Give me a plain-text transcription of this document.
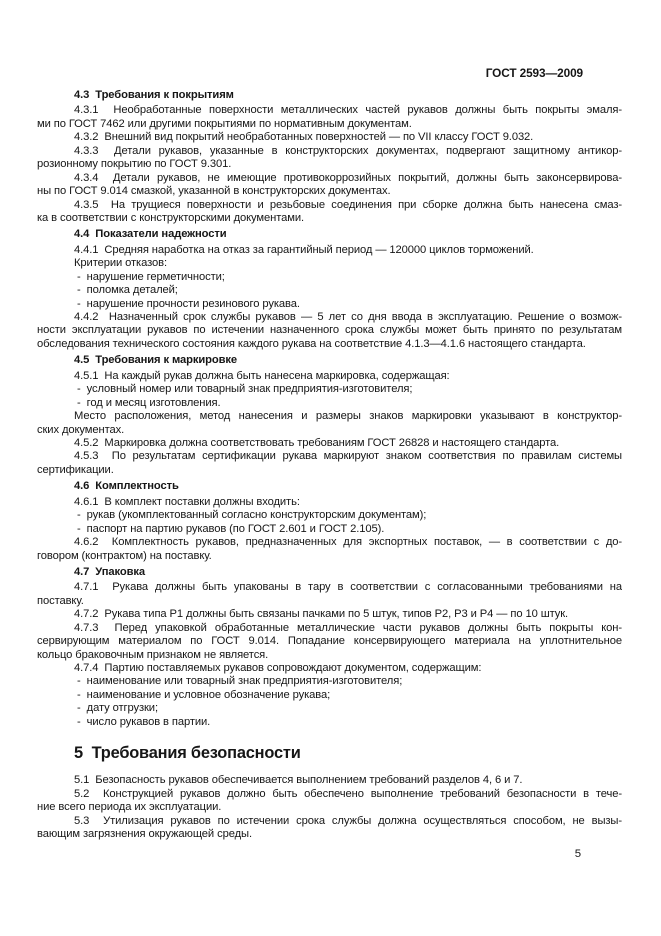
ГОСТ 2593—2009
4.3  Требования к покрытиям
4.3.1  Необработанные поверхности металлических частей рукавов должны быть покрыты эмаля-
ми по ГОСТ 7462 или другими покрытиями по нормативным документам.
4.3.2  Внешний вид покрытий необработанных поверхностей — по VII классу ГОСТ 9.032.
4.3.3  Детали рукавов, указанные в конструкторских документах, подвергают защитному антикор-
розионному покрытию по ГОСТ 9.301.
4.3.4  Детали рукавов, не имеющие противокоррозийных покрытий, должны быть законсервирова-
ны по ГОСТ 9.014 смазкой, указанной в конструкторских документах.
4.3.5  На трущиеся поверхности и резьбовые соединения при сборке должна быть нанесена смаз-
ка в соответствии с конструкторскими документами.
4.4  Показатели надежности
4.4.1  Средняя наработка на отказ за гарантийный период — 120000 циклов торможений.
Критерии отказов:
-  нарушение герметичности;
-  поломка деталей;
-  нарушение прочности резинового рукава.
4.4.2  Назначенный срок службы рукавов — 5 лет со дня ввода в эксплуатацию. Решение о возмож-
ности эксплуатации рукавов по истечении назначенного срока службы может быть принято по результатам
обследования технического состояния каждого рукава на соответствие 4.1.3—4.1.6 настоящего стандарта.
4.5  Требования к маркировке
4.5.1  На каждый рукав должна быть нанесена маркировка, содержащая:
-  условный номер или товарный знак предприятия-изготовителя;
-  год и месяц изготовления.
Место расположения, метод нанесения и размеры знаков маркировки указывают в конструктор-
ских документах.
4.5.2  Маркировка должна соответствовать требованиям ГОСТ 26828 и настоящего стандарта.
4.5.3  По результатам сертификации рукава маркируют знаком соответствия по правилам системы
сертификации.
4.6  Комплектность
4.6.1  В комплект поставки должны входить:
-  рукав (укомплектованный согласно конструкторским документам);
-  паспорт на партию рукавов (по ГОСТ 2.601 и ГОСТ 2.105).
4.6.2  Комплектность рукавов, предназначенных для экспортных поставок, — в соответствии с до-
говором (контрактом) на поставку.
4.7  Упаковка
4.7.1  Рукава должны быть упакованы в тару в соответствии с согласованными требованиями на
поставку.
4.7.2  Рукава типа Р1 должны быть связаны пачками по 5 штук, типов Р2, Р3 и Р4 — по 10 штук.
4.7.3  Перед упаковкой обработанные металлические части рукавов должны быть покрыты кон-
сервирующим материалом по ГОСТ 9.014. Попадание консервирующего материала на уплотнительное
кольцо браковочным признаком не является.
4.7.4  Партию поставляемых рукавов сопровождают документом, содержащим:
-  наименование или товарный знак предприятия-изготовителя;
-  наименование и условное обозначение рукава;
-  дату отгрузки;
-  число рукавов в партии.
5  Требования безопасности
5.1  Безопасность рукавов обеспечивается выполнением требований разделов 4, 6 и 7.
5.2  Конструкцией рукавов должно быть обеспечено выполнение требований безопасности в тече-
ние всего периода их эксплуатации.
5.3  Утилизация рукавов по истечении срока службы должна осуществляться способом, не вызы-
вающим загрязнения окружающей среды.
5
